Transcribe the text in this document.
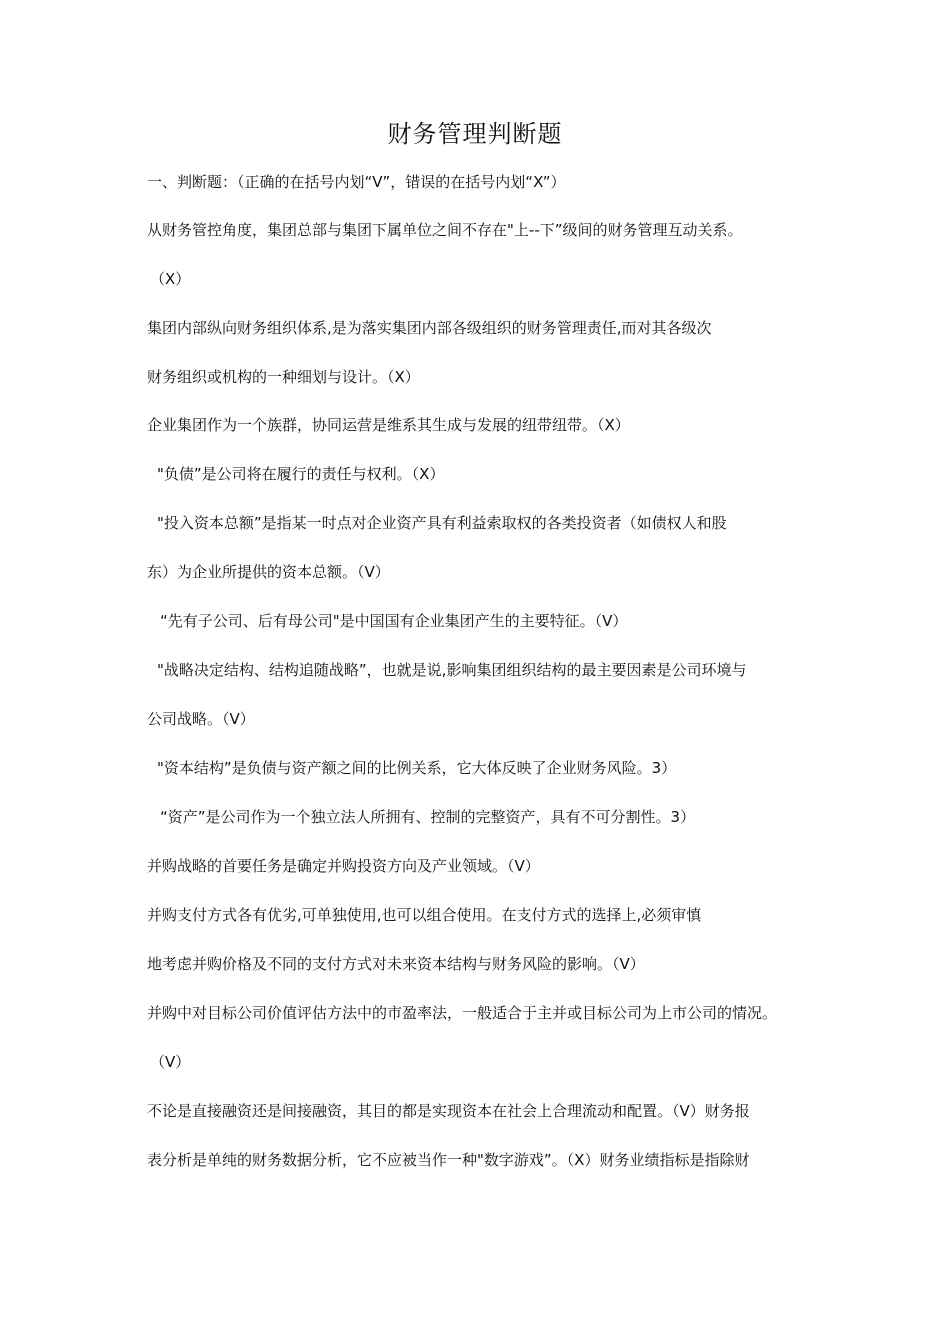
财务管理判断题
一、判断题：（正确的在括号内划“V”，错误的在括号内划“X”）
从财务管控角度，集团总部与集团下属单位之间不存在"上--下”级间的财务管理互动关系。
（X）
集团内部纵向财务组织体系,是为落实集团内部各级组织的财务管理责任,而对其各级次
财务组织或机构的一种细划与设计。（X）
企业集团作为一个族群，协同运营是维系其生成与发展的纽带纽带。（X）
"负债”是公司将在履行的责任与权利。（X）
"投入资本总额”是指某一时点对企业资产具有利益索取权的各类投资者（如债权人和股
东）为企业所提供的资本总额。（V）
“先有子公司、后有母公司"是中国国有企业集团产生的主要特征。（V）
"战略决定结构、结构追随战略”，也就是说,影响集团组织结构的最主要因素是公司环境与
公司战略。（V）
"资本结构”是负债与资产额之间的比例关系，它大体反映了企业财务风险。3）
“资产”是公司作为一个独立法人所拥有、控制的完整资产，具有不可分割性。3）
并购战略的首要任务是确定并购投资方向及产业领域。（V）
并购支付方式各有优劣,可单独使用,也可以组合使用。在支付方式的选择上,必须审慎
地考虑并购价格及不同的支付方式对未来资本结构与财务风险的影响。（V）
并购中对目标公司价值评估方法中的市盈率法，一般适合于主并或目标公司为上市公司的情况。
（V）
不论是直接融资还是间接融资，其目的都是实现资本在社会上合理流动和配置。（V）财务报
表分析是单纯的财务数据分析，它不应被当作一种"数字游戏”。（X）财务业绩指标是指除财
